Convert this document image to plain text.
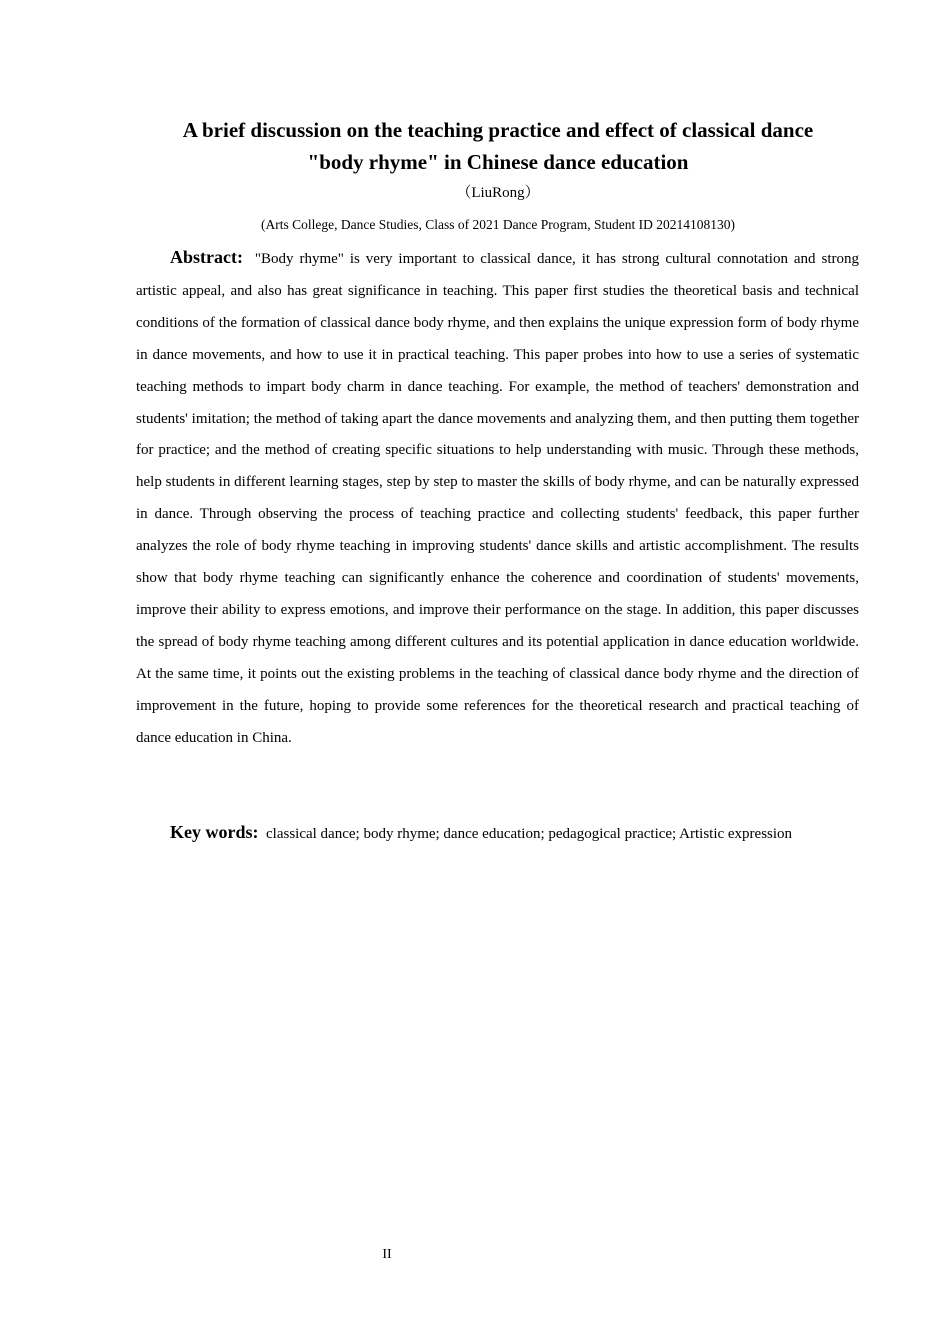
A brief discussion on the teaching practice and effect of classical dance
"body rhyme" in Chinese dance education
（LiuRong）
(Arts College, Dance Studies, Class of 2021 Dance Program, Student ID 20214108130)

Abstract: "Body rhyme" is very important to classical dance, it has strong cultural connotation and strong artistic appeal, and also has great significance in teaching. This paper first studies the theoretical basis and technical conditions of the formation of classical dance body rhyme, and then explains the unique expression form of body rhyme in dance movements, and how to use it in practical teaching. This paper probes into how to use a series of systematic teaching methods to impart body charm in dance teaching. For example, the method of teachers' demonstration and students' imitation; the method of taking apart the dance movements and analyzing them, and then putting them together for practice; and the method of creating specific situations to help understanding with music. Through these methods, help students in different learning stages, step by step to master the skills of body rhyme, and can be naturally expressed in dance. Through observing the process of teaching practice and collecting students' feedback, this paper further analyzes the role of body rhyme teaching in improving students' dance skills and artistic accomplishment. The results show that body rhyme teaching can significantly enhance the coherence and coordination of students' movements, improve their ability to express emotions, and improve their performance on the stage. In addition, this paper discusses the spread of body rhyme teaching among different cultures and its potential application in dance education worldwide. At the same time, it points out the existing problems in the teaching of classical dance body rhyme and the direction of improvement in the future, hoping to provide some references for the theoretical research and practical teaching of dance education in China.

Key words: classical dance; body rhyme; dance education; pedagogical practice; Artistic expression

II
